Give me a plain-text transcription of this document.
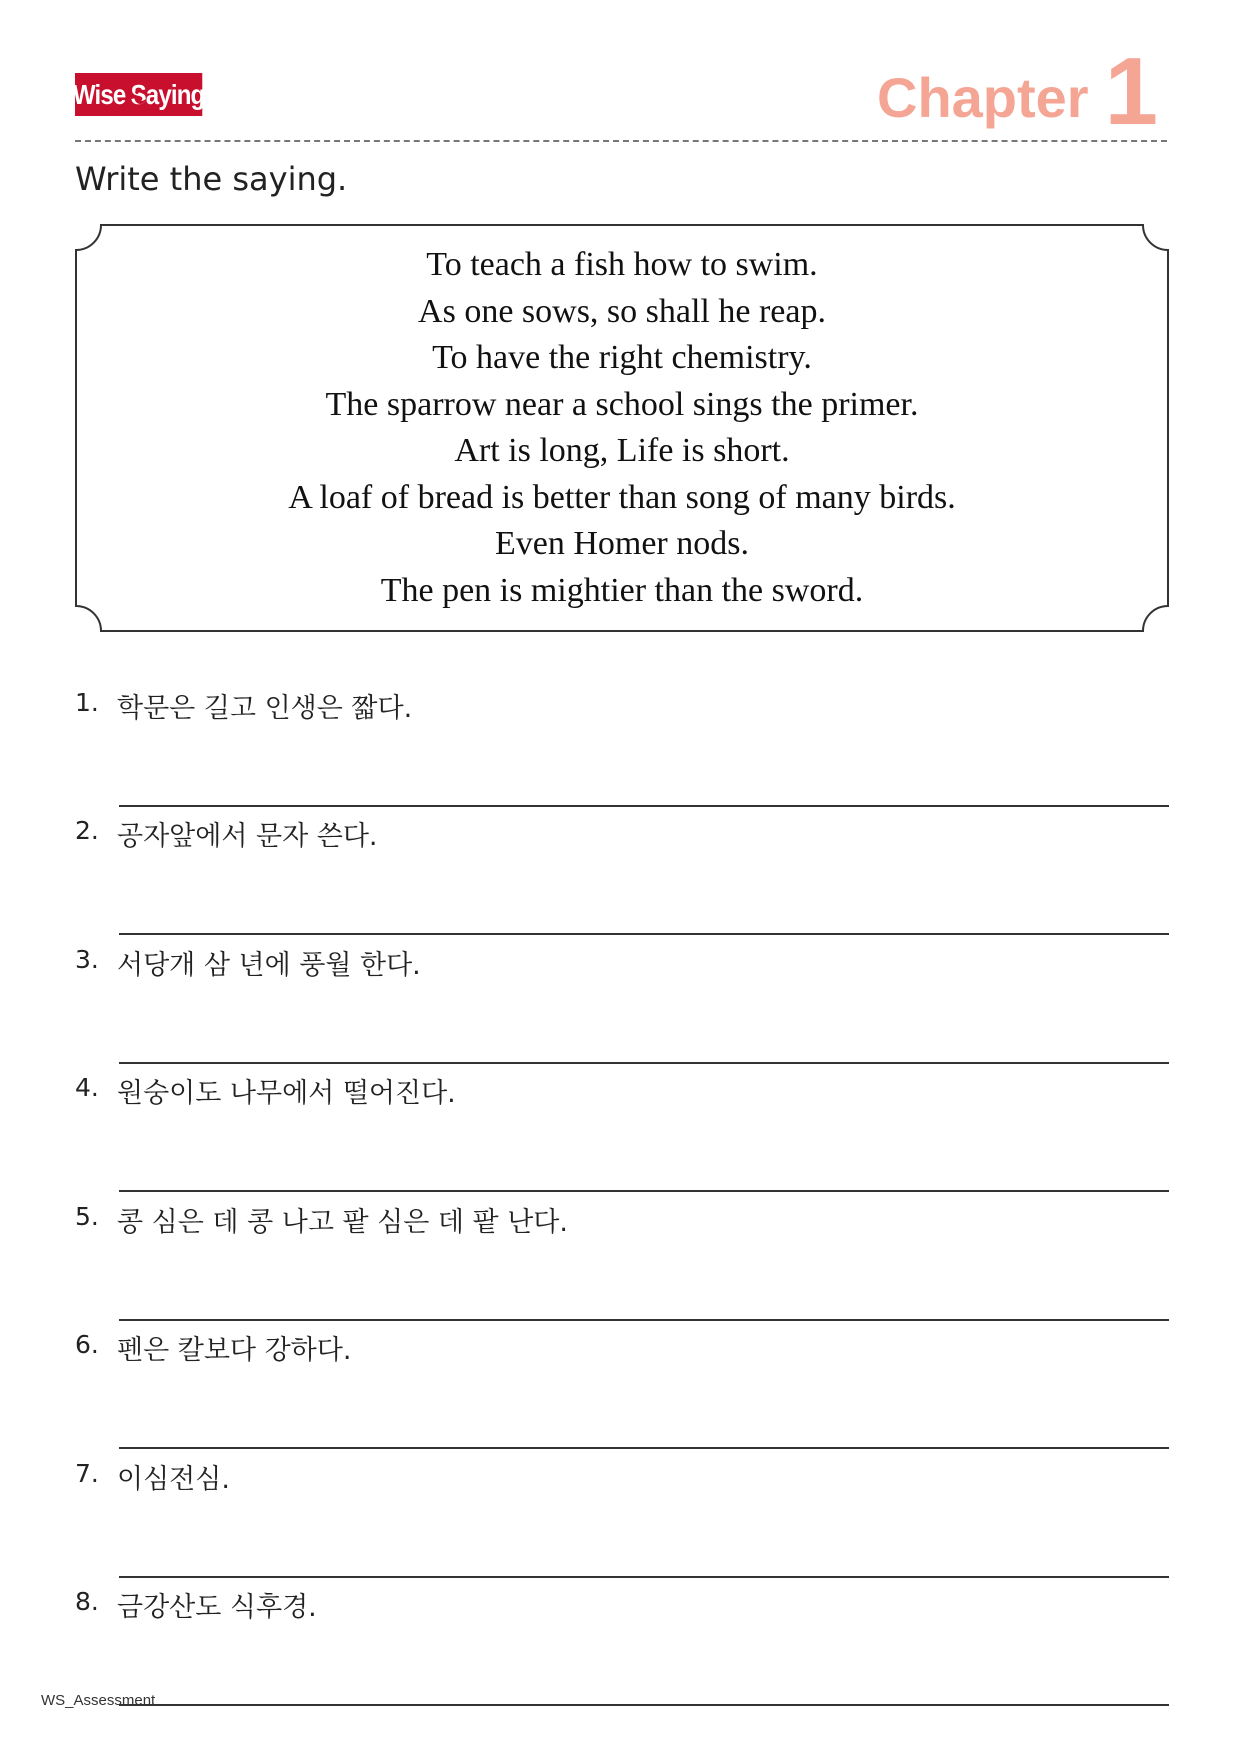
Wise Saying	Chapter 1
Write the saying.
To teach a fish how to swim.
As one sows, so shall he reap.
To have the right chemistry.
The sparrow near a school sings the primer.
Art is long, Life is short.
A loaf of bread is better than song of many birds.
Even Homer nods.
The pen is mightier than the sword.
1. 학문은 길고 인생은 짧다.
2. 공자앞에서 문자 쓴다.
3. 서당개 삼 년에 풍월 한다.
4. 원숭이도 나무에서 떨어진다.
5. 콩 심은 데 콩 나고 팥 심은 데 팥 난다.
6. 펜은 칼보다 강하다.
7. 이심전심.
8. 금강산도 식후경.
WS_Assessment
